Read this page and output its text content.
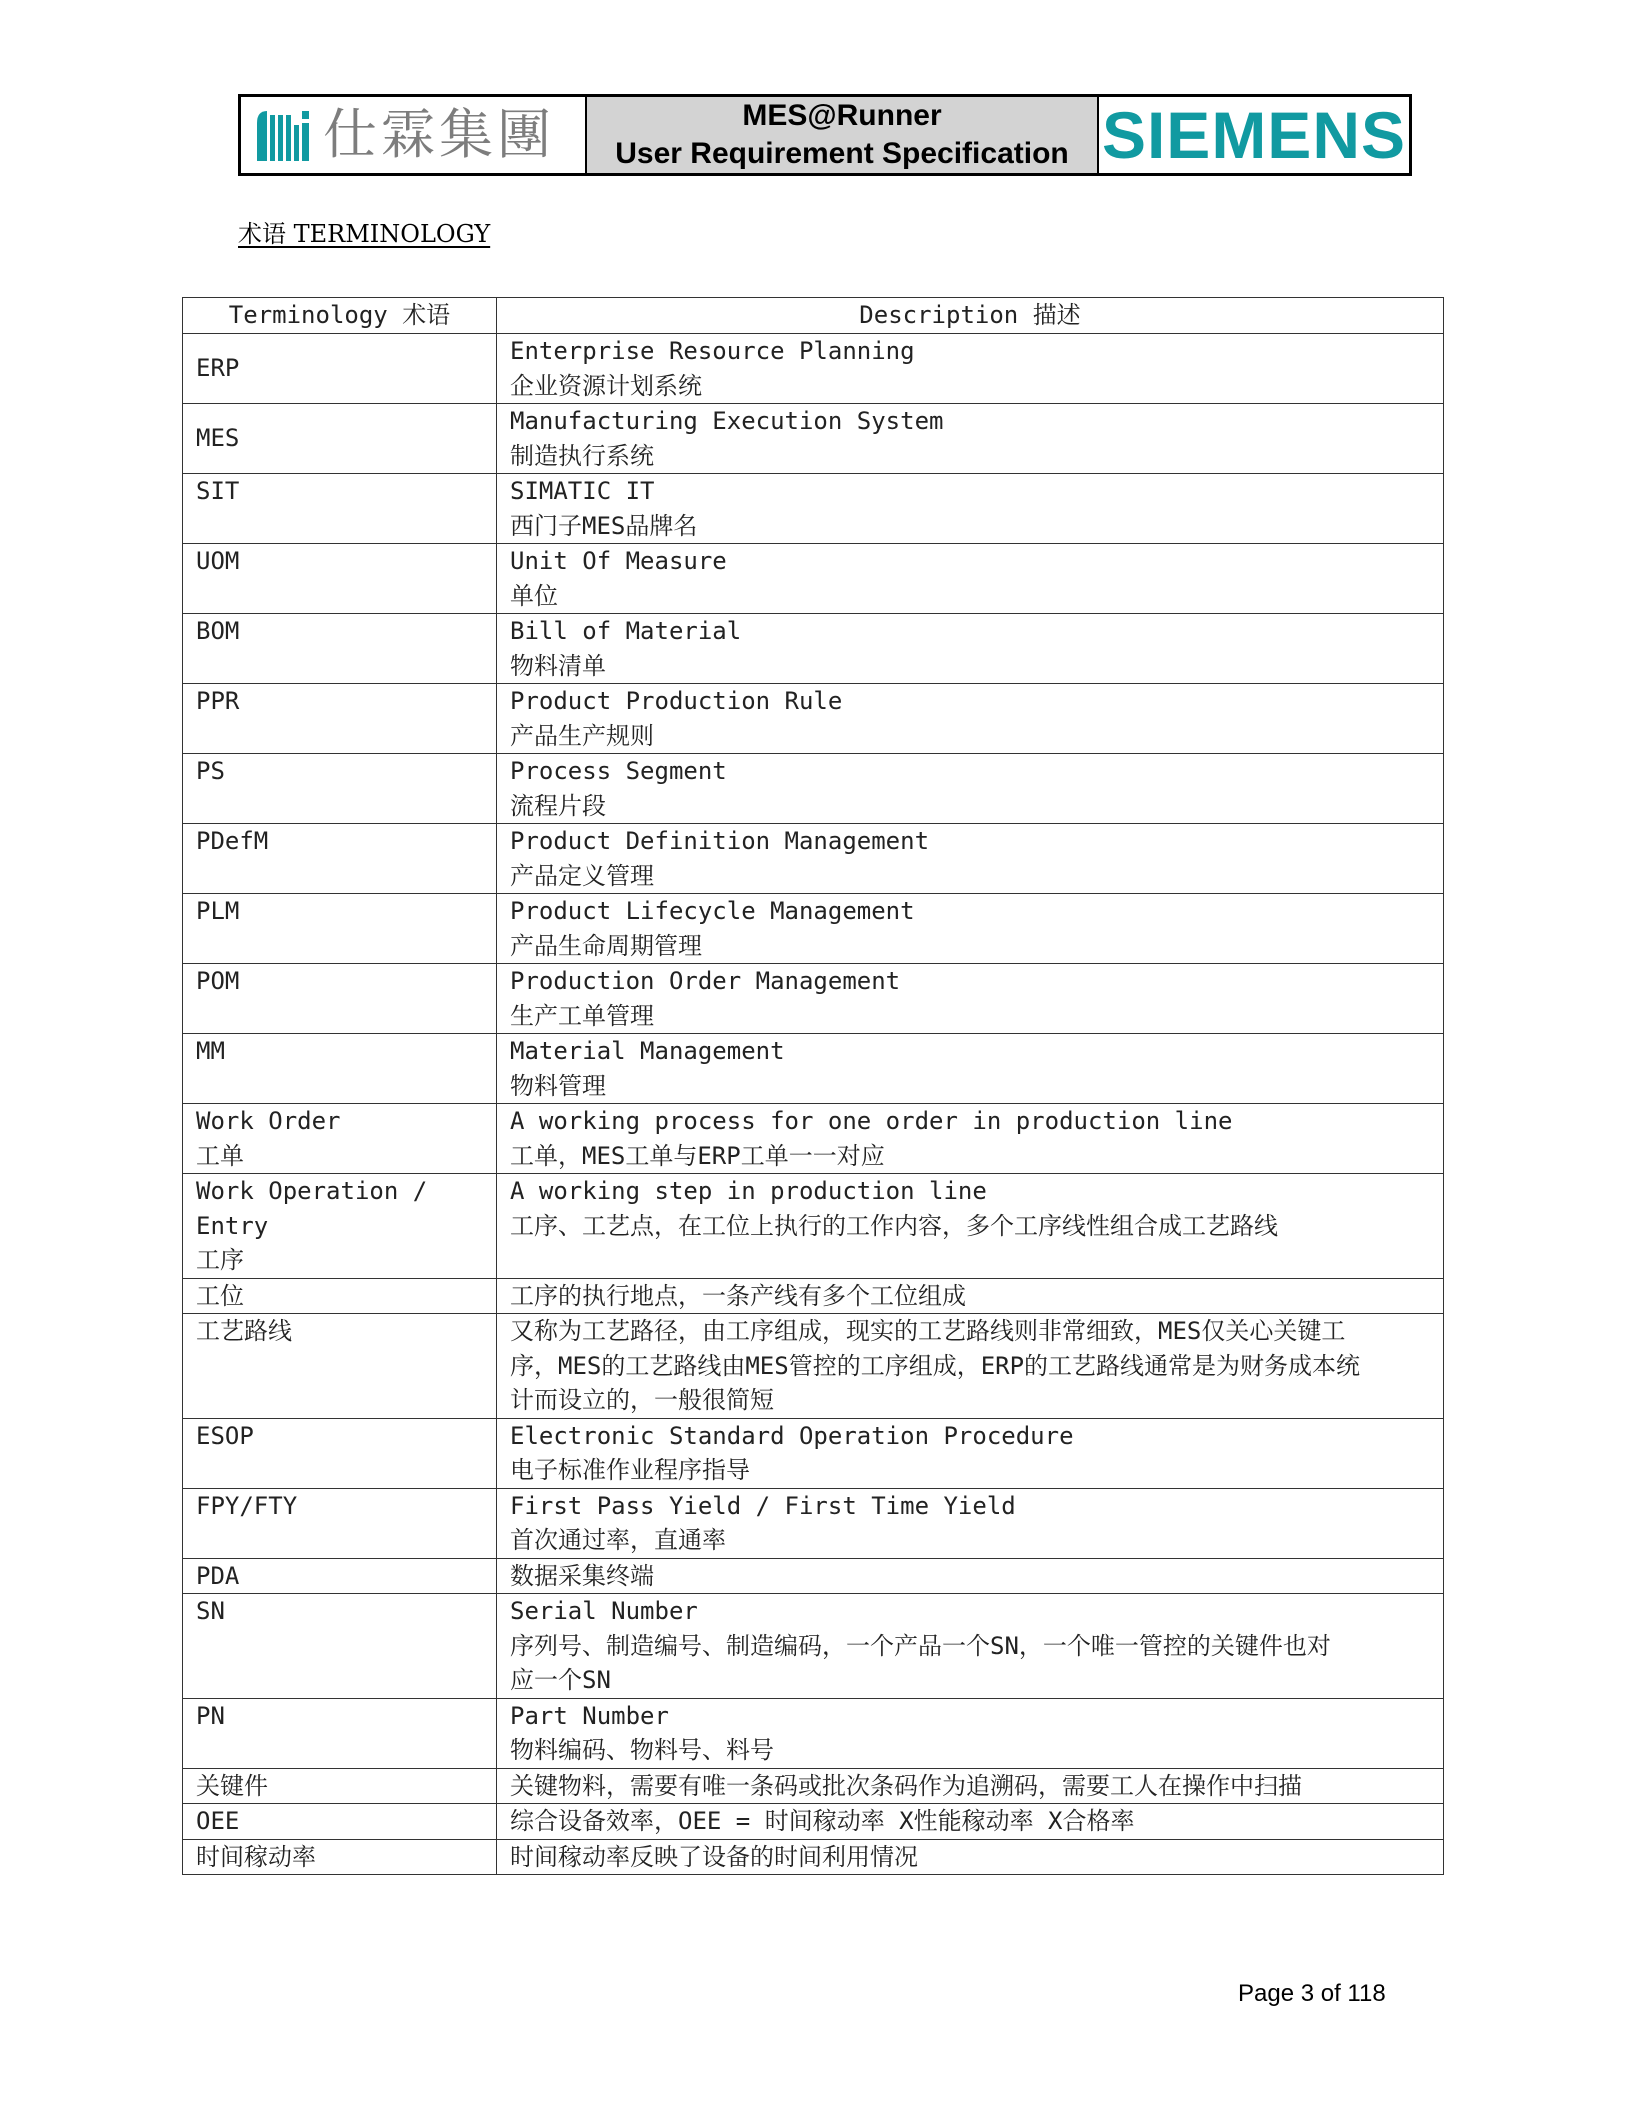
仕霖集團	MES@Runner
User Requirement Specification SIEMENS
术语 TERMINOLOGY
Terminology 术语	Description 描述

ERP	Enterprise Resource Planning
企业资源计划系统

MES	Manufacturing Execution System
制造执行系统

SIT	SIMATIC IT
西门子MES品牌名

UOM	Unit Of Measure
单位

BOM	Bill of Material
物料清单

PPR	Product Production Rule
产品生产规则

PS	Process Segment
流程片段

PDefM	Product Definition Management
产品定义管理

PLM	Product Lifecycle Management
产品生命周期管理

POM	Production Order Management
生产工单管理

MM	Material Management
物料管理

Work Order
工单	A working process for one order in production line
工单，MES工单与ERP工单一一对应

Work Operation /
Entry
工序	A working step in production line
工序、工艺点，在工位上执行的工作内容，多个工序线性组合成工艺路线

工位	工序的执行地点，一条产线有多个工位组成

工艺路线	又称为工艺路径，由工序组成，现实的工艺路线则非常细致，MES仅关心关键工
序，MES的工艺路线由MES管控的工序组成，ERP的工艺路线通常是为财务成本统
计而设立的，一般很简短

ESOP	Electronic Standard Operation Procedure
电子标准作业程序指导

FPY/FTY	First Pass Yield / First Time Yield
首次通过率，直通率

PDA	数据采集终端

SN	Serial Number
序列号、制造编号、制造编码，一个产品一个SN，一个唯一管控的关键件也对
应一个SN

PN	Part Number
物料编码、物料号、料号

关键件	关键物料，需要有唯一条码或批次条码作为追溯码，需要工人在操作中扫描

OEE	综合设备效率，OEE = 时间稼动率 X性能稼动率 X合格率

时间稼动率	时间稼动率反映了设备的时间利用情况
Page 3 of 118
